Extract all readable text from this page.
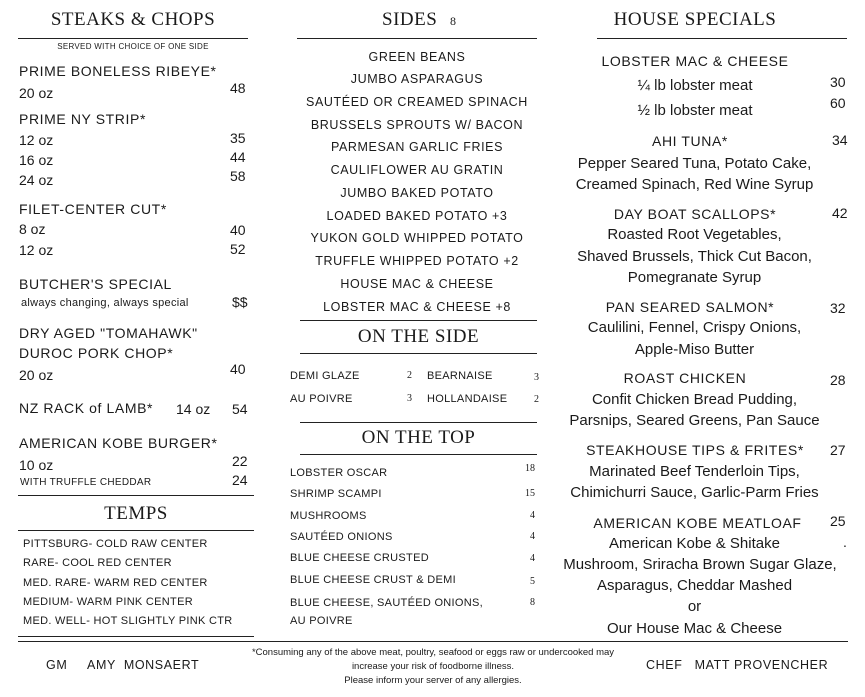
STEAKS & CHOPS
SERVED WITH CHOICE OF ONE SIDE
PRIME BONELESS RIBEYE*
20 oz	48
PRIME NY STRIP*
12 oz	35
16 oz	44
24 oz	58
FILET-CENTER CUT*
8 oz	40
12 oz	52
BUTCHER'S SPECIAL
always changing, always special	$$
DRY AGED "TOMAHAWK"
DUROC PORK CHOP*
20 oz	40
NZ RACK of LAMB* 14 oz 54
AMERICAN KOBE BURGER*
10 oz	22
WITH TRUFFLE CHEDDAR	24
TEMPS
PITTSBURG- COLD RAW CENTER
RARE- COOL RED CENTER
MED. RARE- WARM RED CENTER
MEDIUM- WARM PINK CENTER
MED. WELL- HOT SLIGHTLY PINK CTR
SIDES 8
GREEN BEANS
JUMBO ASPARAGUS
SAUTÉED OR CREAMED SPINACH
BRUSSELS SPROUTS W/ BACON
PARMESAN GARLIC FRIES
CAULIFLOWER AU GRATIN
JUMBO BAKED POTATO
LOADED BAKED POTATO +3
YUKON GOLD WHIPPED POTATO
TRUFFLE WHIPPED POTATO +2
HOUSE MAC & CHEESE
LOBSTER MAC & CHEESE +8
ON THE SIDE
DEMI GLAZE	2 BEARNAISE	3
AU POIVRE	3 HOLLANDAISE	2
ON THE TOP
LOBSTER OSCAR	18
SHRIMP SCAMPI	15
MUSHROOMS	4
SAUTÉED ONIONS	4
BLUE CHEESE CRUSTED	4
BLUE CHEESE CRUST & DEMI	5
BLUE CHEESE, SAUTÉED ONIONS,	8
AU POIVRE
HOUSE SPECIALS
LOBSTER MAC & CHEESE
¼ lb lobster meat	30
½ lb lobster meat	60
AHI TUNA*	34
Pepper Seared Tuna, Potato Cake,
Creamed Spinach, Red Wine Syrup
DAY BOAT SCALLOPS*	42
Roasted Root Vegetables,
Shaved Brussels, Thick Cut Bacon,
Pomegranate Syrup
PAN SEARED SALMON*	32
Caulilini, Fennel, Crispy Onions,
Apple-Miso Butter
ROAST CHICKEN	28
Confit Chicken Bread Pudding,
Parsnips, Seared Greens, Pan Sauce
STEAKHOUSE TIPS & FRITES*	27
Marinated Beef Tenderloin Tips,
Chimichurri Sauce, Garlic-Parm Fries
AMERICAN KOBE MEATLOAF	25
.
American Kobe & Shitake
Mushroom, Sriracha Brown Sugar Glaze,
Asparagus, Cheddar Mashed
or
Our House Mac & Cheese
GM     AMY  MONSAERT
*Consuming any of the above meat, poultry, seafood or eggs raw or undercooked may
increase your risk of foodborne illness.
Please inform your server of any allergies.
CHEF   MATT PROVENCHER
